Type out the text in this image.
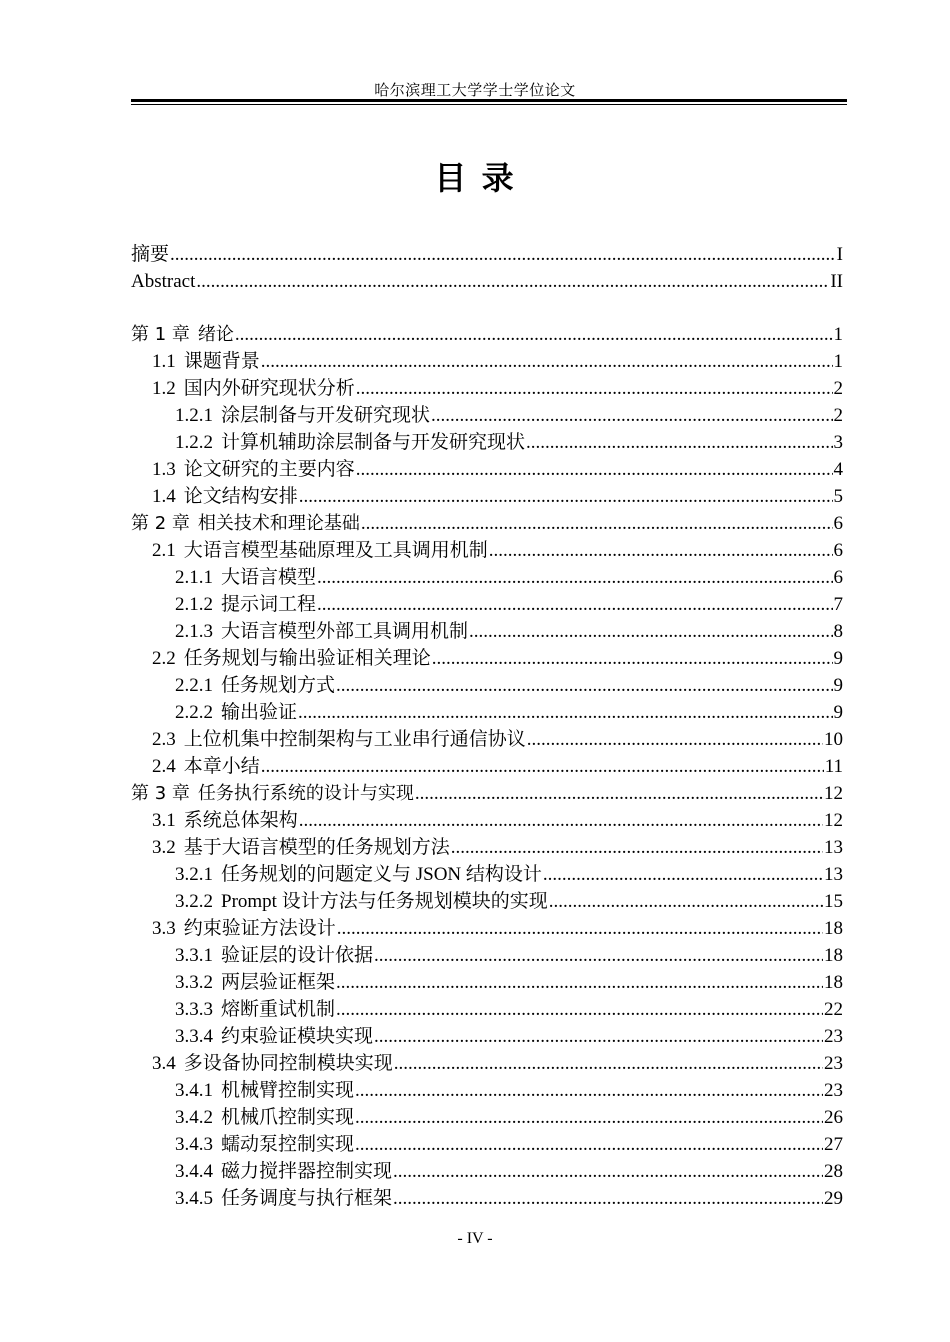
哈尔滨理工大学学士学位论文
目 录
摘要 .....	I
Abstract .....	II
第 1 章 绪论 .....	1
1.1 课题背景 .....	1
1.2 国内外研究现状分析 .....	2
1.2.1 涂层制备与开发研究现状 .....	2
1.2.2 计算机辅助涂层制备与开发研究现状 .....	3
1.3 论文研究的主要内容 .....	4
1.4 论文结构安排 .....	5
第 2 章 相关技术和理论基础 .....	6
2.1 大语言模型基础原理及工具调用机制 .....	6
2.1.1 大语言模型 .....	6
2.1.2 提示词工程 .....	7
2.1.3 大语言模型外部工具调用机制 .....	8
2.2 任务规划与输出验证相关理论 .....	9
2.2.1 任务规划方式 .....	9
2.2.2 输出验证 .....	9
2.3 上位机集中控制架构与工业串行通信协议 .....	10
2.4 本章小结 .....	11
第 3 章 任务执行系统的设计与实现 .....	12
3.1 系统总体架构 .....	12
3.2 基于大语言模型的任务规划方法 .....	13
3.2.1 任务规划的问题定义与 JSON 结构设计 .....	13
3.2.2 Prompt 设计方法与任务规划模块的实现 .....	15
3.3 约束验证方法设计 .....	18
3.3.1 验证层的设计依据 .....	18
3.3.2 两层验证框架 .....	18
3.3.3 熔断重试机制 .....	22
3.3.4 约束验证模块实现 .....	23
3.4 多设备协同控制模块实现 .....	23
3.4.1 机械臂控制实现 .....	23
3.4.2 机械爪控制实现 .....	26
3.4.3 蠕动泵控制实现 .....	27
3.4.4 磁力搅拌器控制实现 .....	28
3.4.5 任务调度与执行框架 .....	29
- IV -
